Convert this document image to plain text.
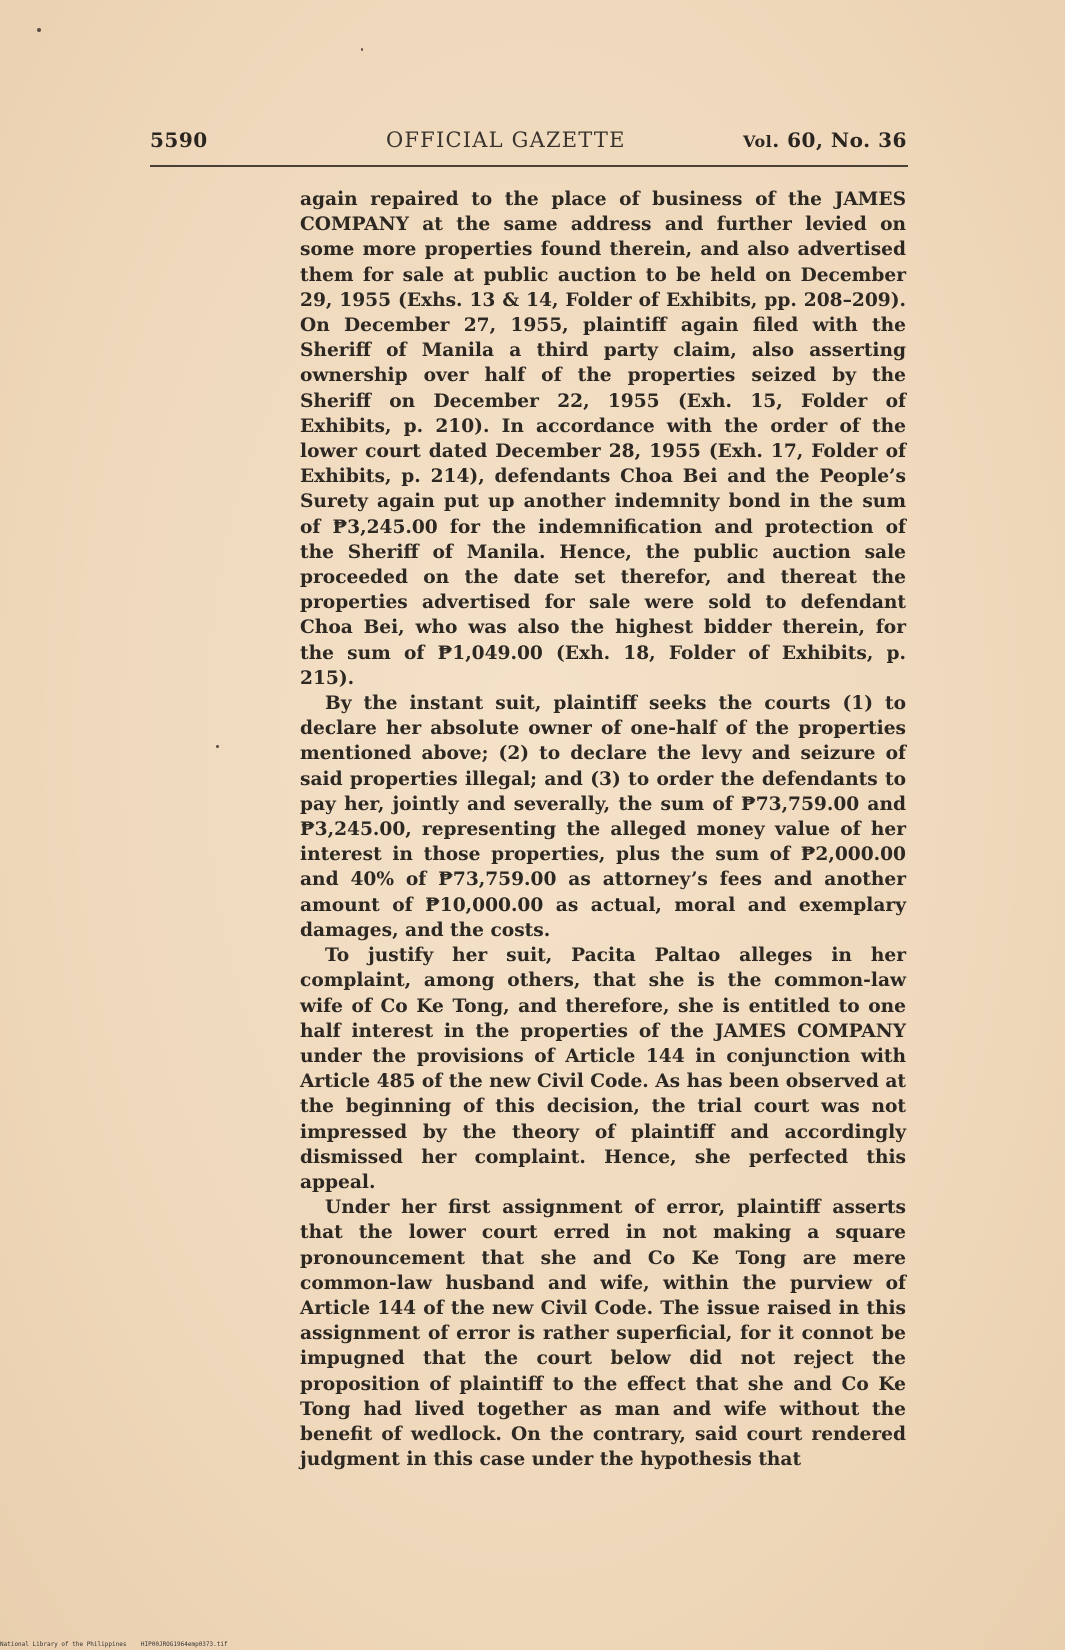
5590	OFFICIAL GAZETTE	Vol. 60, No. 36

again repaired to the place of business of the JAMES COMPANY at the same address and further levied on some more properties found therein, and also advertised them for sale at public auction to be held on December 29, 1955 (Exhs. 13 & 14, Folder of Exhibits, pp. 208–209). On December 27, 1955, plaintiff again filed with the Sheriff of Manila a third party claim, also asserting ownership over half of the properties seized by the Sheriff on December 22, 1955 (Exh. 15, Folder of Exhibits, p. 210). In accordance with the order of the lower court dated December 28, 1955 (Exh. 17, Folder of Exhibits, p. 214), defendants Choa Bei and the People’s Surety again put up another indemnity bond in the sum of ₱3,245.00 for the indemnification and protection of the Sheriff of Manila. Hence, the public auction sale proceeded on the date set therefor, and thereat the properties advertised for sale were sold to defendant Choa Bei, who was also the highest bidder therein, for the sum of ₱1,049.00 (Exh. 18, Folder of Exhibits, p. 215).

By the instant suit, plaintiff seeks the courts (1) to declare her absolute owner of one-half of the properties mentioned above; (2) to declare the levy and seizure of said properties illegal; and (3) to order the defendants to pay her, jointly and severally, the sum of ₱73,759.00 and ₱3,245.00, representing the alleged money value of her interest in those properties, plus the sum of ₱2,000.00 and 40% of ₱73,759.00 as attorney’s fees and another amount of ₱10,000.00 as actual, moral and exemplary damages, and the costs.

To justify her suit, Pacita Paltao alleges in her complaint, among others, that she is the common-law wife of Co Ke Tong, and therefore, she is entitled to one half interest in the properties of the JAMES COMPANY under the provisions of Article 144 in conjunction with Article 485 of the new Civil Code. As has been observed at the beginning of this decision, the trial court was not impressed by the theory of plaintiff and accordingly dismissed her complaint. Hence, she perfected this appeal.

Under her first assignment of error, plaintiff asserts that the lower court erred in not making a square pronouncement that she and Co Ke Tong are mere common-law husband and wife, within the purview of Article 144 of the new Civil Code. The issue raised in this assignment of error is rather superficial, for it connot be impugned that the court below did not reject the proposition of plaintiff to the effect that she and Co Ke Tong had lived together as man and wife without the benefit of wedlock. On the contrary, said court rendered judgment in this case under the hypothesis that

National Library of the Philippines HIP00JROG1964emp0373.tif
